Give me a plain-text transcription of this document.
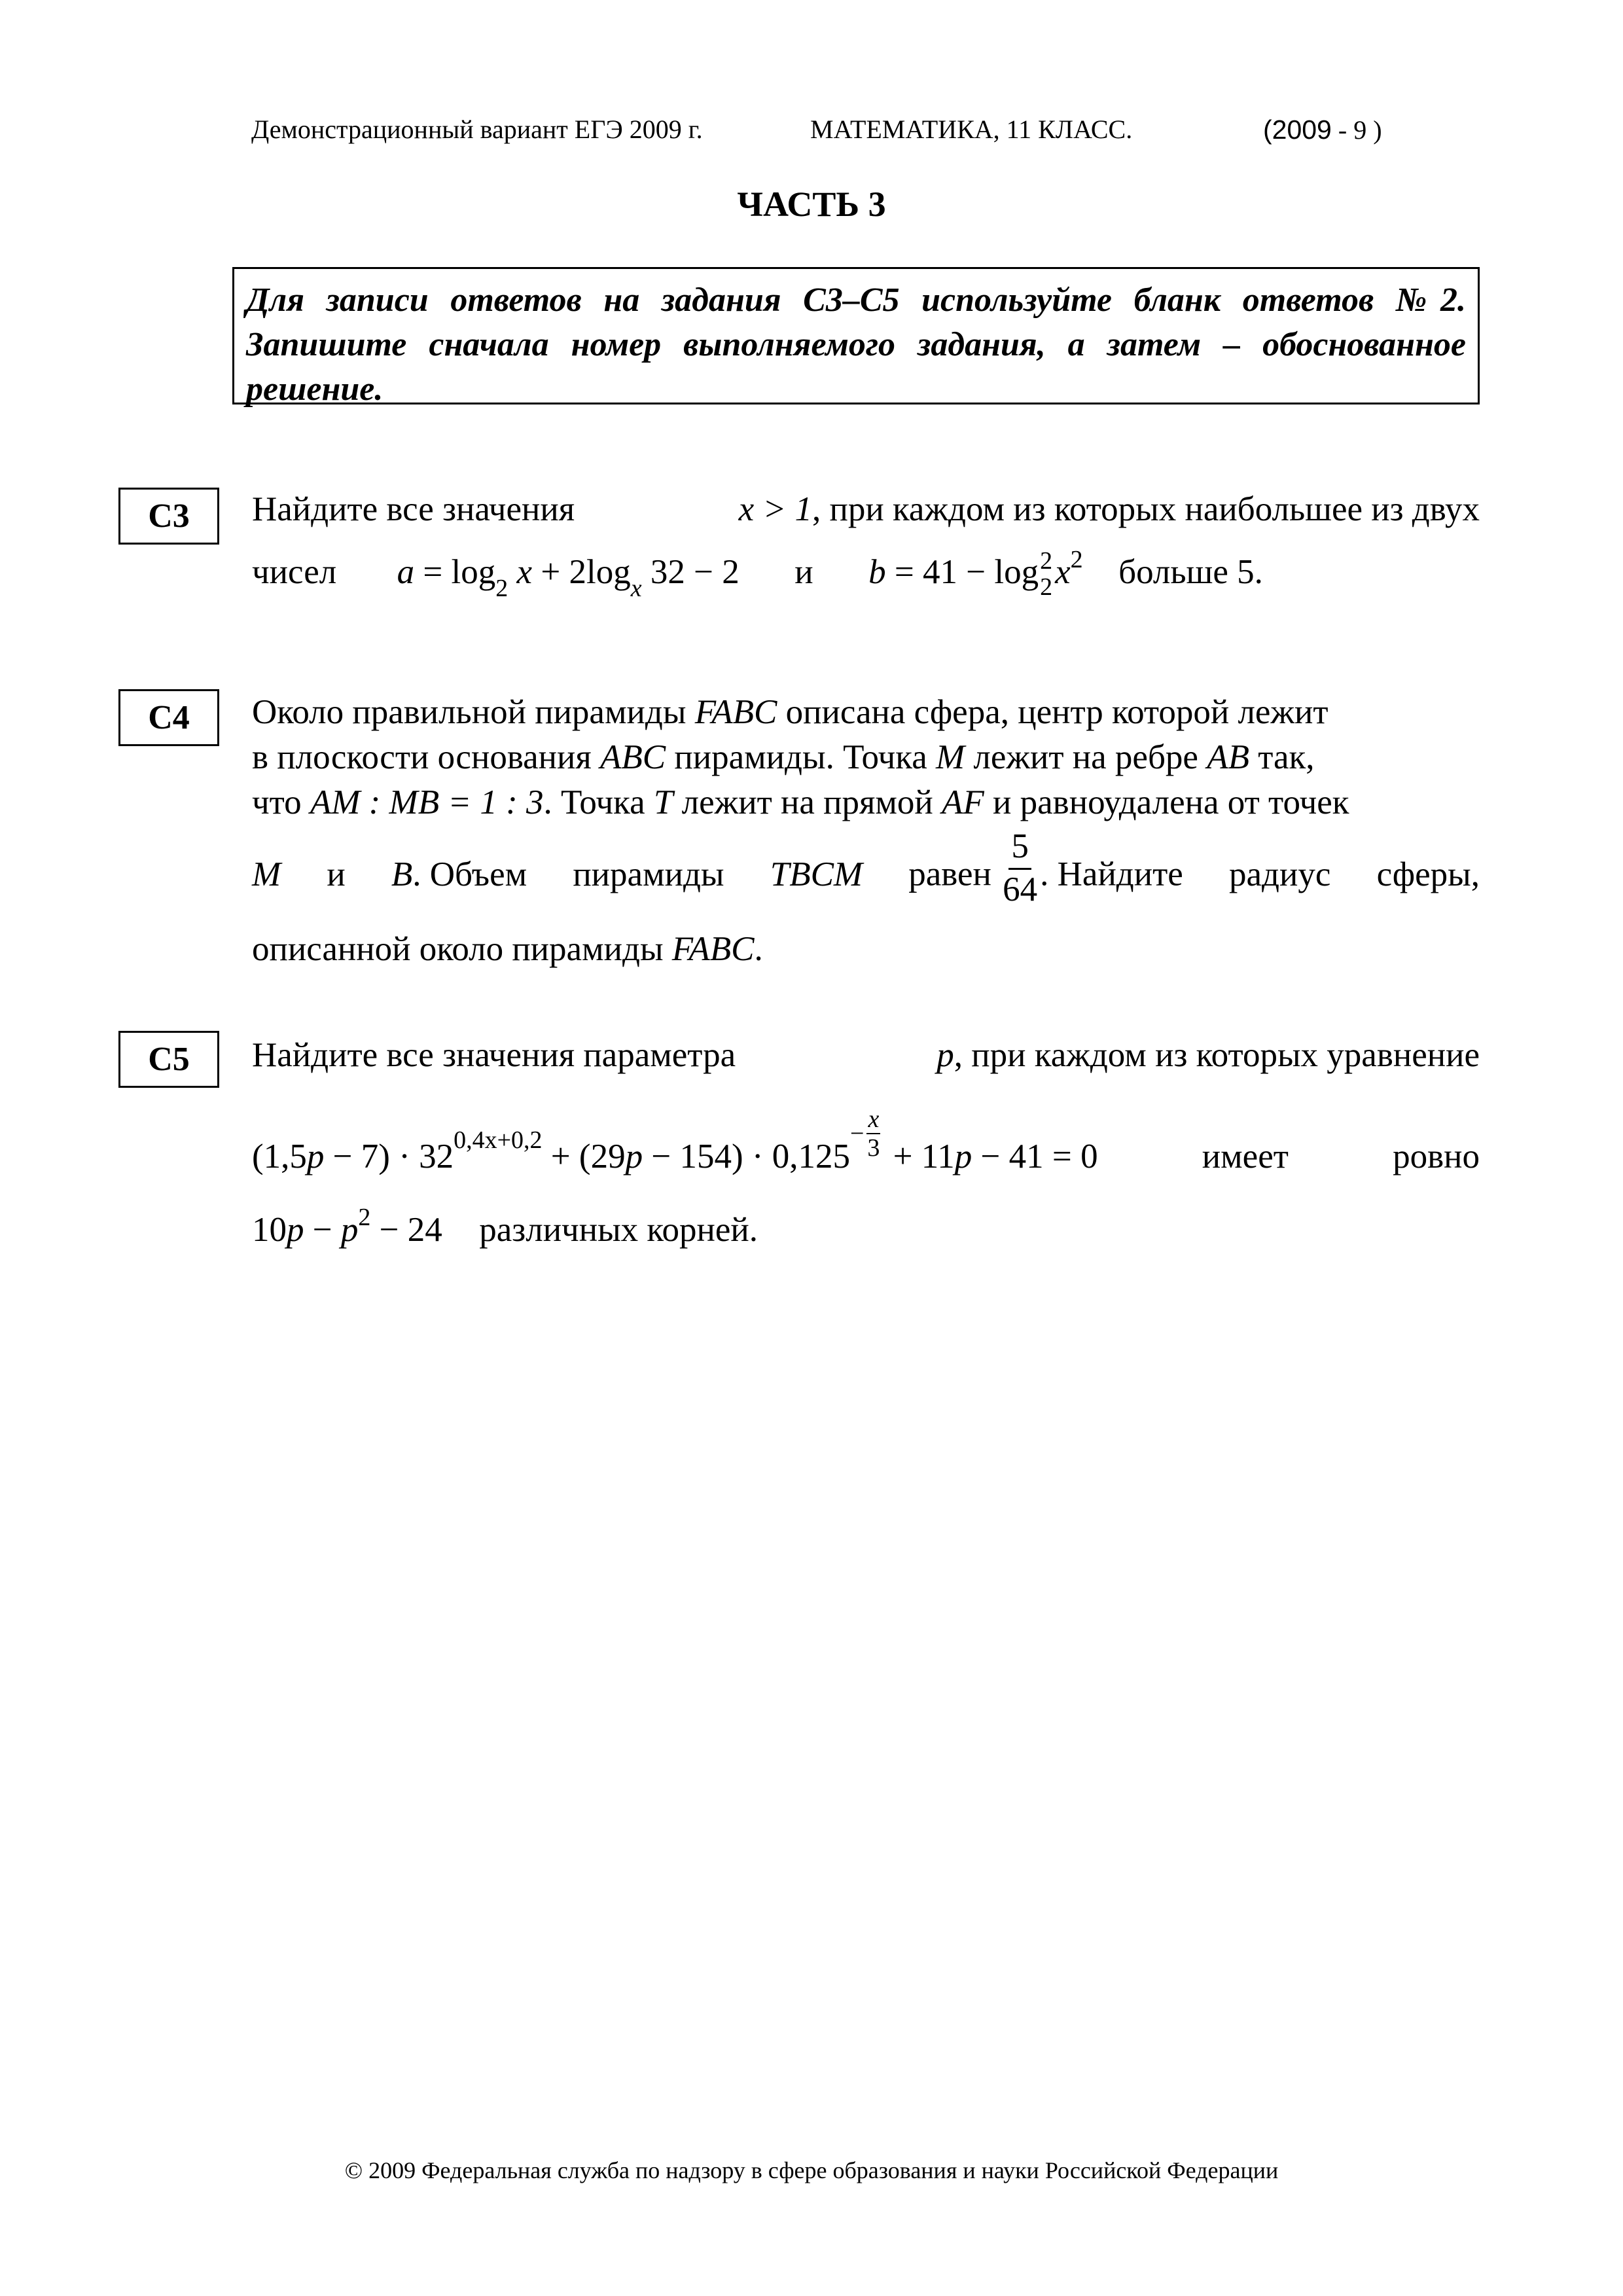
Демонстрационный вариант ЕГЭ 2009 г.	МАТЕМАТИКА, 11 КЛАСС.	(2009 - 9 )
ЧАСТЬ 3
Для записи ответов на задания С3–С5 используйте бланк ответов №2. Запишите сначала номер выполняемого задания, а затем – обоснованное решение.
С3	Найдите все значения	x > 1, при каждом из которых наибольшее из двух
чисел $a = \log_2 x + 2\log_x$ 32 − 2 и b = 41 − log 2
2 $x^2$ больше 5.
С4	Около правильной пирамиды FABC описана сфера, центр которой лежит
в плоскости основания ABC пирамиды. Точка M лежит на ребре AB так,
что AM : MB = 1 : 3. Точка T лежит на прямой AF и равноудалена от точек
M и B. Объем пирамиды TBCM равен $\frac{5}{64}$ . Найдите радиус сферы,
описанной около пирамиды FABC.
С5	Найдите все значения параметра	p, при каждом из которых уравнение
$(1,5p - 7) \cdot 32^{0,4x+0,2} + (29p - 154) \cdot 0,125$
− $\frac{x}{3} + 11p - 41 = 0$	имеет	ровно
$10p - p^2 - 24$ различных корней.
© 2009 Федеральная служба по надзору в сфере образования и науки Российской Федерации
